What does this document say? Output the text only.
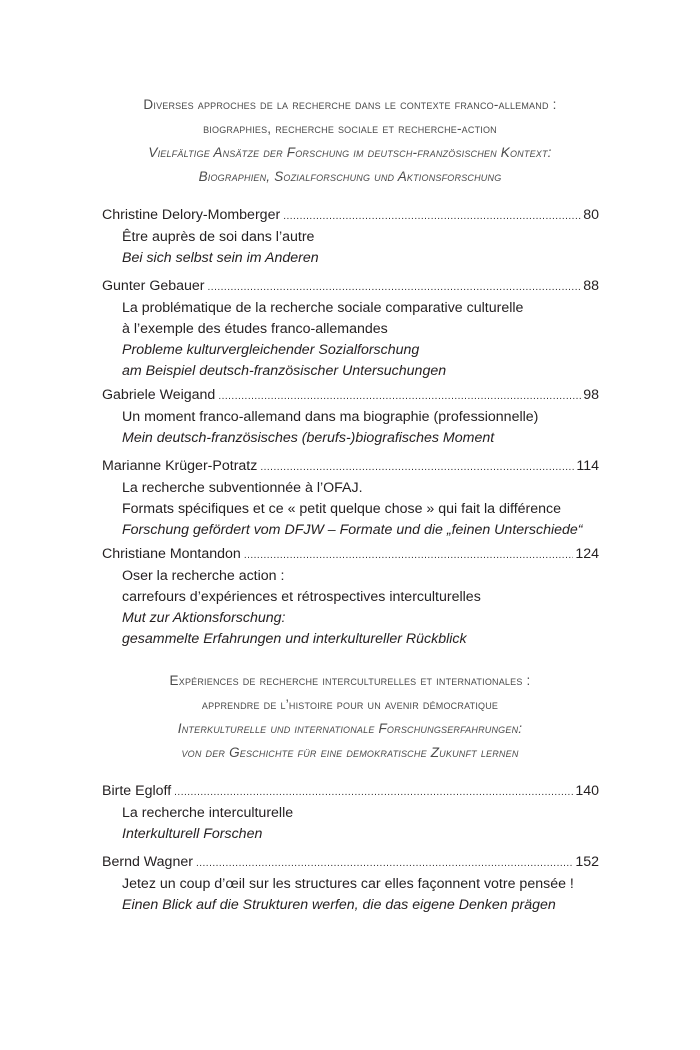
Diverses approches de la recherche dans le contexte franco-allemand :
biographies, recherche sociale et recherche-action
Vielfältige Ansätze der Forschung im deutsch-französischen Kontext:
Biographien, Sozialforschung und Aktionsforschung
Christine Delory-Momberger .....	80
Être auprès de soi dans l’autre
Bei sich selbst sein im Anderen
Gunter Gebauer .....	88
La problématique de la recherche sociale comparative culturelle
à l’exemple des études franco-allemandes
Probleme kulturvergleichender Sozialforschung
am Beispiel deutsch-französischer Untersuchungen
Gabriele Weigand .....	98
Un moment franco-allemand dans ma biographie (professionnelle)
Mein deutsch-französisches (berufs-)biografisches Moment
Marianne Krüger-Potratz .....	114
La recherche subventionnée à l’OFAJ.
Formats spécifiques et ce « petit quelque chose » qui fait la différence
Forschung gefördert vom DFJW – Formate und die „feinen Unterschiede“
Christiane Montandon .....	124
Oser la recherche action :
carrefours d’expériences et rétrospectives interculturelles
Mut zur Aktionsforschung:
gesammelte Erfahrungen und interkultureller Rückblick
Expériences de recherche interculturelles et internationales :
apprendre de l’histoire pour un avenir démocratique
Interkulturelle und internationale Forschungserfahrungen:
von der Geschichte für eine demokratische Zukunft lernen
Birte Egloff .....	140
La recherche interculturelle
Interkulturell Forschen
Bernd Wagner .....	152
Jetez un coup d’œil sur les structures car elles façonnent votre pensée !
Einen Blick auf die Strukturen werfen, die das eigene Denken prägen
